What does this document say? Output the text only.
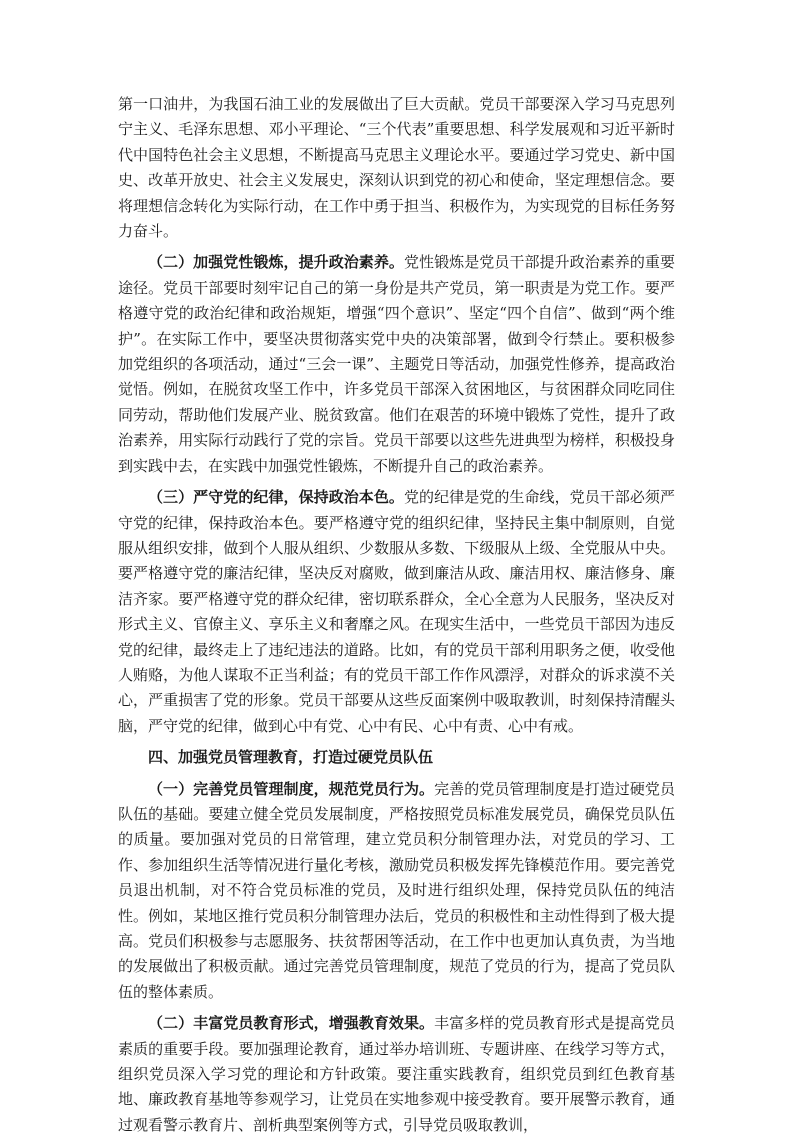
第一口油井，为我国石油工业的发展做出了巨大贡献。党员干部要深入学习马克思列宁主义、毛泽东思想、邓小平理论、“三个代表”重要思想、科学发展观和习近平新时代中国特色社会主义思想，不断提高马克思主义理论水平。要通过学习党史、新中国史、改革开放史、社会主义发展史，深刻认识到党的初心和使命，坚定理想信念。要将理想信念转化为实际行动，在工作中勇于担当、积极作为，为实现党的目标任务努力奋斗。

（二）加强党性锻炼，提升政治素养。党性锻炼是党员干部提升政治素养的重要途径。党员干部要时刻牢记自己的第一身份是共产党员，第一职责是为党工作。要严格遵守党的政治纪律和政治规矩，增强“四个意识”、坚定“四个自信”、做到“两个维护”。在实际工作中，要坚决贯彻落实党中央的决策部署，做到令行禁止。要积极参加党组织的各项活动，通过“三会一课”、主题党日等活动，加强党性修养，提高政治觉悟。例如，在脱贫攻坚工作中，许多党员干部深入贫困地区，与贫困群众同吃同住同劳动，帮助他们发展产业、脱贫致富。他们在艰苦的环境中锻炼了党性，提升了政治素养，用实际行动践行了党的宗旨。党员干部要以这些先进典型为榜样，积极投身到实践中去，在实践中加强党性锻炼，不断提升自己的政治素养。

（三）严守党的纪律，保持政治本色。党的纪律是党的生命线，党员干部必须严守党的纪律，保持政治本色。要严格遵守党的组织纪律，坚持民主集中制原则，自觉服从组织安排，做到个人服从组织、少数服从多数、下级服从上级、全党服从中央。要严格遵守党的廉洁纪律，坚决反对腐败，做到廉洁从政、廉洁用权、廉洁修身、廉洁齐家。要严格遵守党的群众纪律，密切联系群众，全心全意为人民服务，坚决反对形式主义、官僚主义、享乐主义和奢靡之风。在现实生活中，一些党员干部因为违反党的纪律，最终走上了违纪违法的道路。比如，有的党员干部利用职务之便，收受他人贿赂，为他人谋取不正当利益；有的党员干部工作作风漂浮，对群众的诉求漠不关心，严重损害了党的形象。党员干部要从这些反面案例中吸取教训，时刻保持清醒头脑，严守党的纪律，做到心中有党、心中有民、心中有责、心中有戒。

四、加强党员管理教育，打造过硬党员队伍

（一）完善党员管理制度，规范党员行为。完善的党员管理制度是打造过硬党员队伍的基础。要建立健全党员发展制度，严格按照党员标准发展党员，确保党员队伍的质量。要加强对党员的日常管理，建立党员积分制管理办法，对党员的学习、工作、参加组织生活等情况进行量化考核，激励党员积极发挥先锋模范作用。要完善党员退出机制，对不符合党员标准的党员，及时进行组织处理，保持党员队伍的纯洁性。例如，某地区推行党员积分制管理办法后，党员的积极性和主动性得到了极大提高。党员们积极参与志愿服务、扶贫帮困等活动，在工作中也更加认真负责，为当地的发展做出了积极贡献。通过完善党员管理制度，规范了党员的行为，提高了党员队伍的整体素质。

（二）丰富党员教育形式，增强教育效果。丰富多样的党员教育形式是提高党员素质的重要手段。要加强理论教育，通过举办培训班、专题讲座、在线学习等方式，组织党员深入学习党的理论和方针政策。要注重实践教育，组织党员到红色教育基地、廉政教育基地等参观学习，让党员在实地参观中接受教育。要开展警示教育，通过观看警示教育片、剖析典型案例等方式，引导党员吸取教训，
